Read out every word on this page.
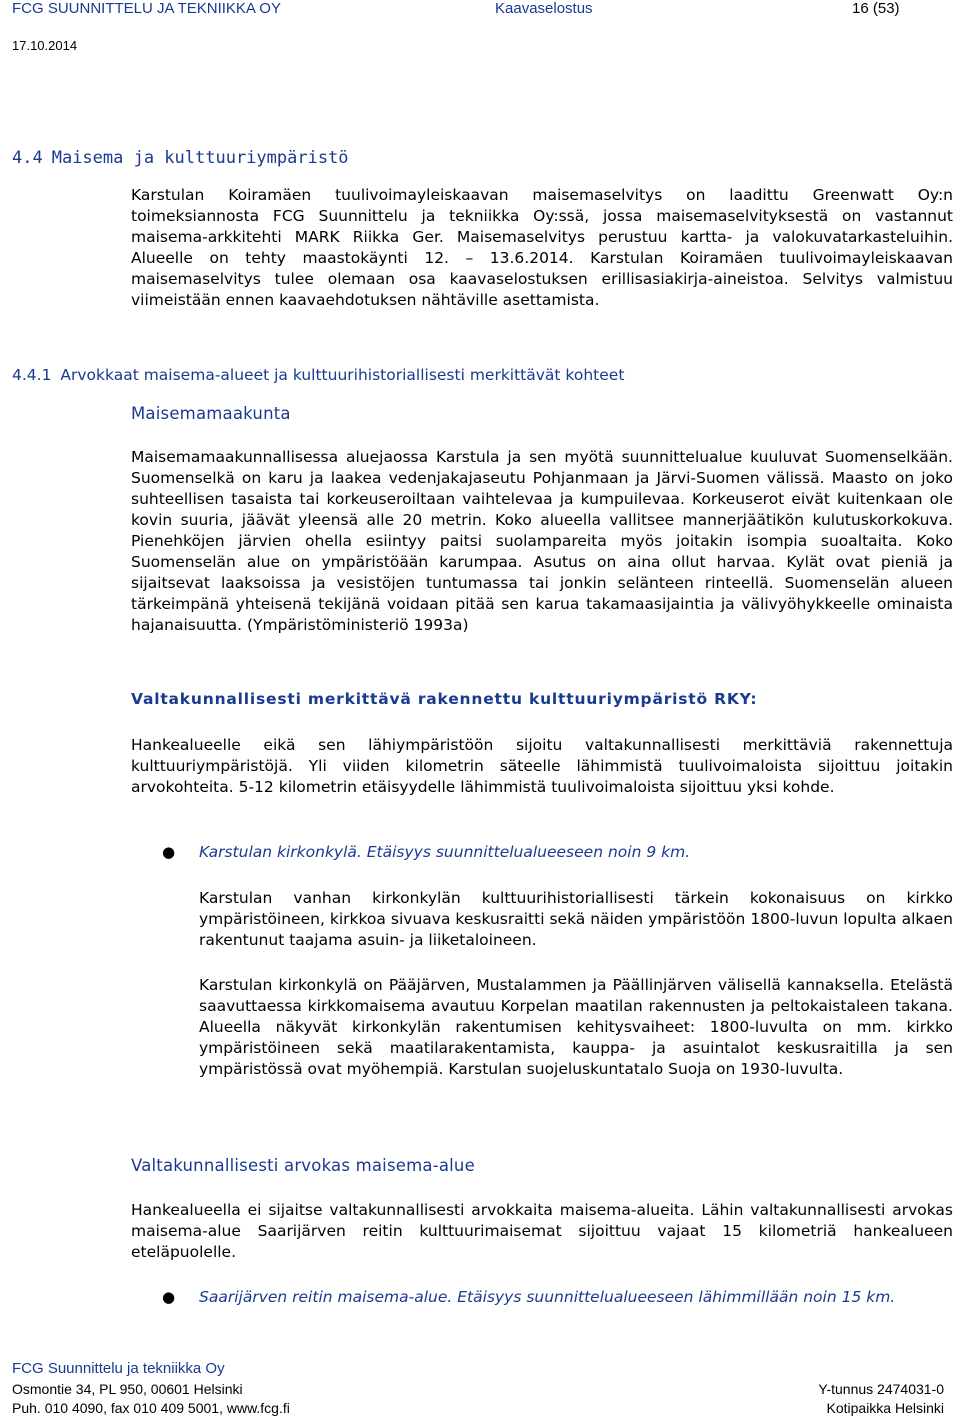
FCG SUUNNITTELU JA TEKNIIKKA OY	Kaavaselostus	16 (53)
17.10.2014
4.4 Maisema ja kulttuuriympäristö

Karstulan Koiramäen tuulivoimayleiskaavan maisemaselvitys on laadittu Greenwatt Oy:n toimeksiannosta FCG Suunnittelu ja tekniikka Oy:ssä, jossa maisemaselvityksestä on vastannut maisema-arkkitehti MARK Riikka Ger. Maisemaselvitys perustuu kartta- ja valokuvatarkasteluihin. Alueelle on tehty maastokäynti 12. – 13.6.2014. Karstulan Koiramäen tuulivoimayleiskaavan maisemaselvitys tulee olemaan osa kaavaselostuksen erillisasiakirja-aineistoa. Selvitys valmistuu viimeistään ennen kaavaehdotuksen nähtäville asettamista.

4.4.1 Arvokkaat maisema-alueet ja kulttuurihistoriallisesti merkittävät kohteet
Maisemamaakunta

Maisemamaakunnallisessa aluejaossa Karstula ja sen myötä suunnittelualue kuuluvat Suomenselkään. Suomenselkä on karu ja laakea vedenjakajaseutu Pohjanmaan ja Järvi-Suomen välissä. Maasto on joko suhteellisen tasaista tai korkeuseroiltaan vaihtelevaa ja kumpuilevaa. Korkeuserot eivät kuitenkaan ole kovin suuria, jäävät yleensä alle 20 metrin. Koko alueella vallitsee mannerjäätikön kulutuskorkokuva. Pienehköjen järvien ohella esiintyy paitsi suolampareita myös joitakin isompia suoaltaita. Koko Suomenselän alue on ympäristöään karumpaa. Asutus on aina ollut harvaa. Kylät ovat pieniä ja sijaitsevat laaksoissa ja vesistöjen tuntumassa tai jonkin selänteen rinteellä. Suomenselän alueen tärkeimpänä yhteisenä tekijänä voidaan pitää sen karua takamaasijaintia ja välivyöhykkeelle ominaista hajanaisuutta. (Ympäristöministeriö 1993a)

Valtakunnallisesti merkittävä rakennettu kulttuuriympäristö RKY:

Hankealueelle eikä sen lähiympäristöön sijoitu valtakunnallisesti merkittäviä rakennettuja kulttuuriympäristöjä. Yli viiden kilometrin säteelle lähimmistä tuulivoimaloista sijoittuu joitakin arvokohteita. 5-12 kilometrin etäisyydelle lähimmistä tuulivoimaloista sijoittuu yksi kohde.

● Karstulan kirkonkylä. Etäisyys suunnittelualueeseen noin 9 km.

Karstulan vanhan kirkonkylän kulttuurihistoriallisesti tärkein kokonaisuus on kirkko ympäristöineen, kirkkoa sivuava keskusraitti sekä näiden ympäristöön 1800-luvun lopulta alkaen rakentunut taajama asuin- ja liiketaloineen.

Karstulan kirkonkylä on Pääjärven, Mustalammen ja Päällinjärven välisellä kannaksella. Etelästä saavuttaessa kirkkomaisema avautuu Korpelan maatilan rakennusten ja peltokaistaleen takana. Alueella näkyvät kirkonkylän rakentumisen kehitysvaiheet: 1800-luvulta on mm. kirkko ympäristöineen sekä maatilarakentamista, kauppa- ja asuintalot keskusraitilla ja sen ympäristössä ovat myöhempiä. Karstulan suojeluskuntatalo Suoja on 1930-luvulta.

Valtakunnallisesti arvokas maisema-alue

Hankealueella ei sijaitse valtakunnallisesti arvokkaita maisema-alueita. Lähin valtakunnallisesti arvokas maisema-alue Saarijärven reitin kulttuurimaisemat sijoittuu vajaat 15 kilometriä hankealueen eteläpuolelle.

● Saarijärven reitin maisema-alue. Etäisyys suunnittelualueeseen lähimmillään noin 15 km.

FCG Suunnittelu ja tekniikka Oy
Osmontie 34, PL 950, 00601 Helsinki
Puh. 010 4090, fax 010 409 5001, www.fcg.fi
Y-tunnus 2474031-0
Kotipaikka Helsinki
